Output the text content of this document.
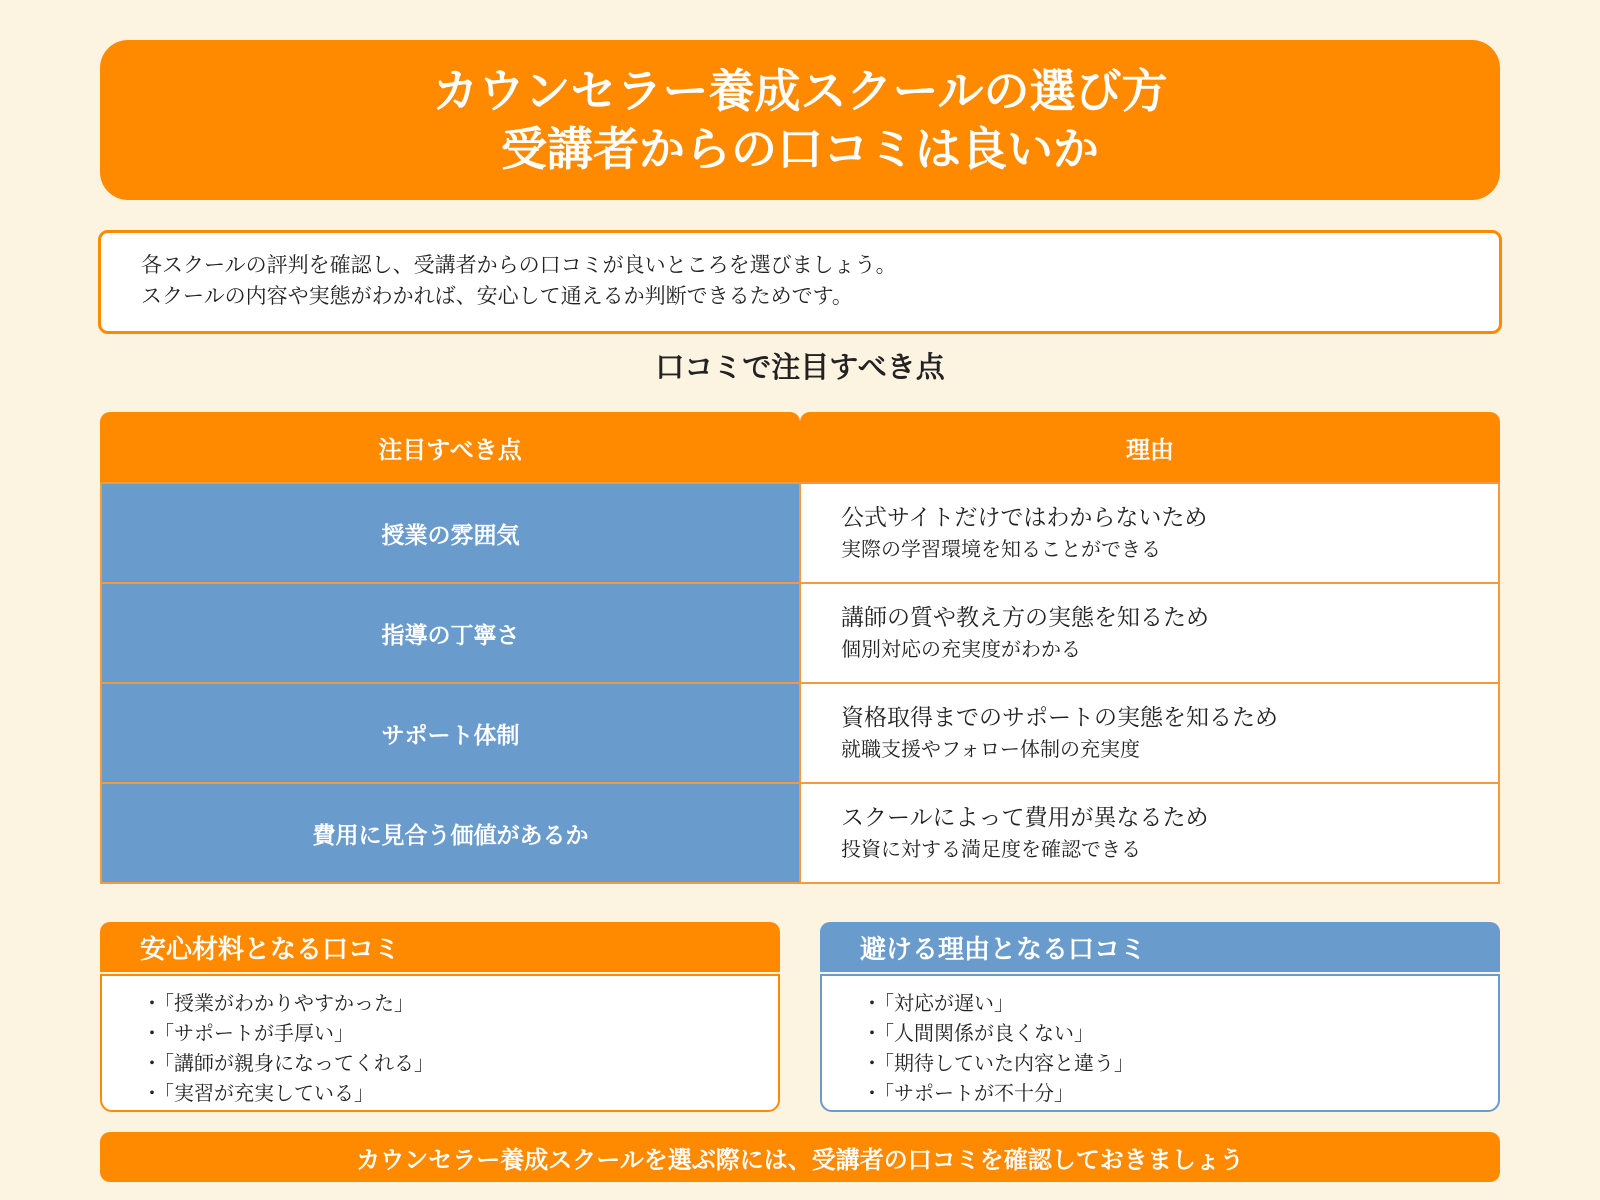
カウンセラー養成スクールの選び方
受講者からの口コミは良いか
各スクールの評判を確認し、受講者からの口コミが良いところを選びましょう。
スクールの内容や実態がわかれば、安心して通えるか判断できるためです。
口コミで注目すべき点
注目すべき点	理由
授業の雰囲気
公式サイトだけではわからないため
実際の学習環境を知ることができる
指導の丁寧さ
講師の質や教え方の実態を知るため
個別対応の充実度がわかる
サポート体制
資格取得までのサポートの実態を知るため
就職支援やフォロー体制の充実度
費用に見合う価値があるか
スクールによって費用が異なるため
投資に対する満足度を確認できる
安心材料となる口コミ
・ 「授業がわかりやすかった」
・ 「サポートが手厚い」
・ 「講師が親身になってくれる」
・ 「実習が充実している」
避ける理由となる口コミ
・ 「対応が遅い」
・ 「人間関係が良くない」
・ 「期待していた内容と違う」
・ 「サポートが不十分」
カウンセラー養成スクールを選ぶ際には、受講者の口コミを確認しておきましょう
